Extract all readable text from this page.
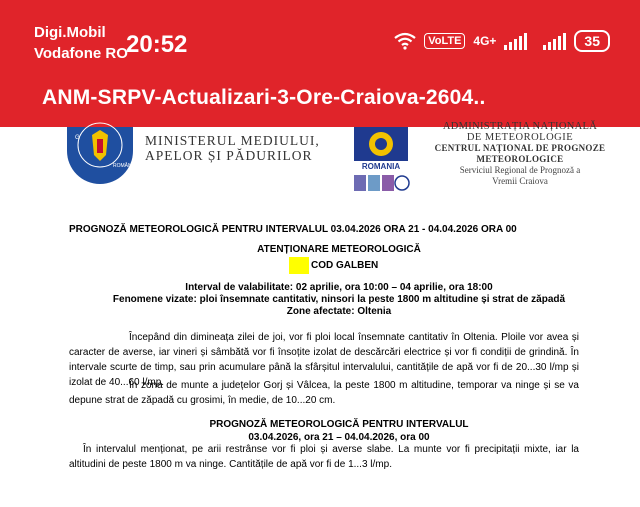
Digi.Mobil
Vodafone RO
20:52	VoLTE	4G+	35
ANM-SRPV-Actualizari-3-Ore-Craiova-2604..
G
ROMÂNIEI
MINISTERUL MEDIULUI,
APELOR ȘI PĂDURILOR
ROMANIA
ADMINISTRAȚIA NAȚIONALĂ
DE METEOROLOGIE
CENTRUL NAȚIONAL DE PROGNOZE
METEOROLOGICE
Serviciul Regional de Prognoză a
Vremii Craiova
PROGNOZĂ METEOROLOGICĂ PENTRU INTERVALUL 03.04.2026 ORA 21 - 04.04.2026 ORA 00
ATENȚIONARE METEOROLOGICĂ
COD GALBEN
Interval de valabilitate: 02 aprilie, ora 10:00 – 04 aprilie, ora 18:00
Fenomene vizate: ploi însemnate cantitativ, ninsori la peste 1800 m altitudine și strat de zăpadă
Zone afectate: Oltenia
Începând din dimineața zilei de joi, vor fi ploi local însemnate cantitativ în Oltenia. Ploile vor avea și caracter de averse, iar vineri și sâmbătă vor fi însoțite izolat de descărcări electrice și vor fi condiții de grindină. În intervale scurte de timp, sau prin acumulare până la sfârșitul intervalului, cantitățile de apă vor fi de 20...30 l/mp și izolat de 40...60 l/mp.
În zona de munte a județelor Gorj și Vâlcea, la peste 1800 m altitudine, temporar va ninge și se va depune strat de zăpadă cu grosimi, în medie, de 10...20 cm.
PROGNOZĂ METEOROLOGICĂ PENTRU INTERVALUL
03.04.2026, ora 21 – 04.04.2026, ora 00
În intervalul menționat, pe arii restrânse vor fi ploi și averse slabe. La munte vor fi precipitații mixte, iar la altitudini de peste 1800 m va ninge. Cantitățile de apă vor fi de 1...3 l/mp.
